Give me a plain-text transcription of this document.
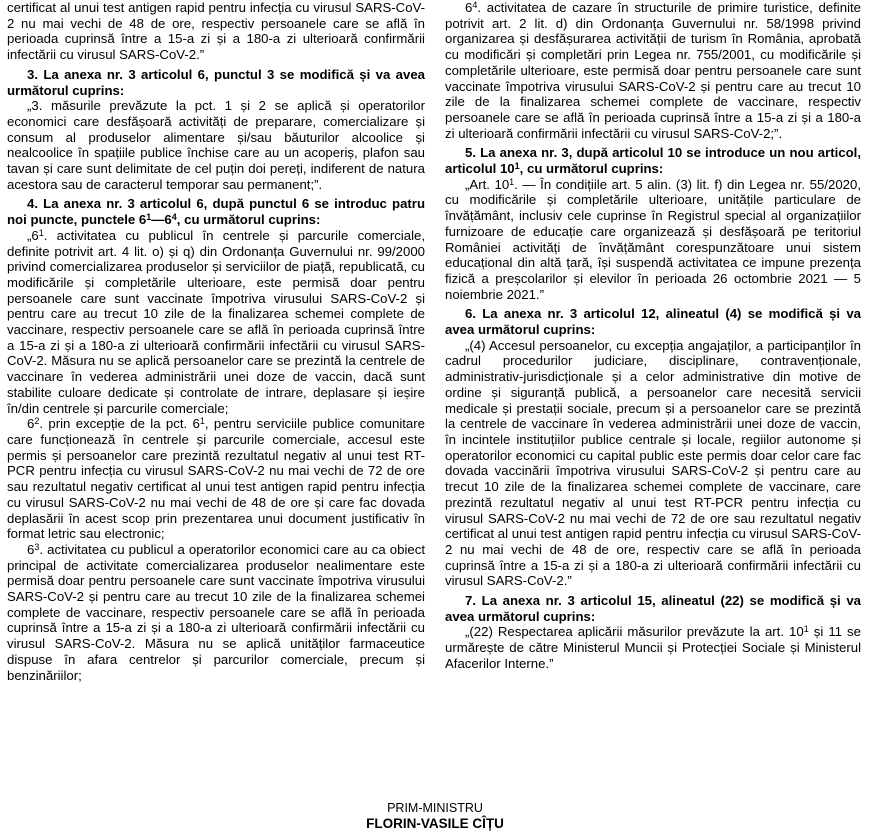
certificat al unui test antigen rapid pentru infecția cu virusul SARS-CoV-2 nu mai vechi de 48 de ore, respectiv persoanele care se află în perioada cuprinsă între a 15-a zi și a 180-a zi ulterioară confirmării infectării cu virusul SARS-CoV-2.”

3. La anexa nr. 3 articolul 6, punctul 3 se modifică și va avea următorul cuprins:

„3. măsurile prevăzute la pct. 1 și 2 se aplică și operatorilor economici care desfășoară activități de preparare, comercializare și consum al produselor alimentare și/sau băuturilor alcoolice și nealcoolice în spațiile publice închise care au un acoperiș, plafon sau tavan și care sunt delimitate de cel puțin doi pereți, indiferent de natura acestora sau de caracterul temporar sau permanent;”.

4. La anexa nr. 3 articolul 6, după punctul 6 se introduc patru noi puncte, punctele $6^1—6^4$, cu următorul cuprins:

$„6^1$. activitatea cu publicul în centrele și parcurile comerciale, definite potrivit art. 4 lit. o) și q) din Ordonanța Guvernului nr. 99/2000 privind comercializarea produselor și serviciilor de piață, republicată, cu modificările și completările ulterioare, este permisă doar pentru persoanele care sunt vaccinate împotriva virusului SARS-CoV-2 și pentru care au trecut 10 zile de la finalizarea schemei complete de vaccinare, respectiv persoanele care se află în perioada cuprinsă între a 15-a zi și a 180-a zi ulterioară confirmării infectării cu virusul SARS-CoV-2. Măsura nu se aplică persoanelor care se prezintă la centrele de vaccinare în vederea administrării unei doze de vaccin, dacă sunt stabilite culoare dedicate și controlate de intrare, deplasare și ieșire în/din centrele și parcurile comerciale;

$6^2$. prin excepție de la pct. $6^1$, pentru serviciile publice comunitare care funcționează în centrele și parcurile comerciale, accesul este permis și persoanelor care prezintă rezultatul negativ al unui test RT-PCR pentru infecția cu virusul SARS-CoV-2 nu mai vechi de 72 de ore sau rezultatul negativ certificat al unui test antigen rapid pentru infecția cu virusul SARS-CoV-2 nu mai vechi de 48 de ore și care fac dovada deplasării în acest scop prin prezentarea unui document justificativ în format letric sau electronic;

$6^3$. activitatea cu publicul a operatorilor economici care au ca obiect principal de activitate comercializarea produselor nealimentare este permisă doar pentru persoanele care sunt vaccinate împotriva virusului SARS-CoV-2 și pentru care au trecut 10 zile de la finalizarea schemei complete de vaccinare, respectiv persoanele care se află în perioada cuprinsă între a 15-a zi și a 180-a zi ulterioară confirmării infectării cu virusul SARS-CoV-2. Măsura nu se aplică unităților farmaceutice dispuse în afara centrelor și parcurilor comerciale, precum și benzinăriilor;

$6^4$. activitatea de cazare în structurile de primire turistice, definite potrivit art. 2 lit. d) din Ordonanța Guvernului nr. 58/1998 privind organizarea și desfășurarea activității de turism în România, aprobată cu modificări și completări prin Legea nr. 755/2001, cu modificările și completările ulterioare, este permisă doar pentru persoanele care sunt vaccinate împotriva virusului SARS-CoV-2 și pentru care au trecut 10 zile de la finalizarea schemei complete de vaccinare, respectiv persoanele care se află în perioada cuprinsă între a 15-a zi și a 180-a zi ulterioară confirmării infectării cu virusul SARS-CoV-2;”.

5. La anexa nr. 3, după articolul 10 se introduce un nou articol, articolul $10^1$, cu următorul cuprins:

„Art. $10^1$. — În condițiile art. 5 alin. (3) lit. f) din Legea nr. 55/2020, cu modificările și completările ulterioare, unitățile particulare de învățământ, inclusiv cele cuprinse în Registrul special al organizațiilor furnizoare de educație care organizează și desfășoară pe teritoriul României activități de învățământ corespunzătoare unui sistem educațional din altă țară, își suspendă activitatea ce impune prezența fizică a preșcolarilor și elevilor în perioada 26 octombrie 2021 — 5 noiembrie 2021.”

6. La anexa nr. 3 articolul 12, alineatul (4) se modifică și va avea următorul cuprins:

„(4) Accesul persoanelor, cu excepția angajaților, a participanților în cadrul procedurilor judiciare, disciplinare, contravenționale, administrativ-jurisdicționale și a celor administrative din motive de ordine și siguranță publică, a persoanelor care necesită servicii medicale și prestații sociale, precum și a persoanelor care se prezintă la centrele de vaccinare în vederea administrării unei doze de vaccin, în incintele instituțiilor publice centrale și locale, regiilor autonome și operatorilor economici cu capital public este permis doar celor care fac dovada vaccinării împotriva virusului SARS-CoV-2 și pentru care au trecut 10 zile de la finalizarea schemei complete de vaccinare, care prezintă rezultatul negativ al unui test RT-PCR pentru infecția cu virusul SARS-CoV-2 nu mai vechi de 72 de ore sau rezultatul negativ certificat al unui test antigen rapid pentru infecția cu virusul SARS-CoV-2 nu mai vechi de 48 de ore, respectiv care se află în perioada cuprinsă între a 15-a zi și a 180-a zi ulterioară confirmării infectării cu virusul SARS-CoV-2.”

7. La anexa nr. 3 articolul 15, alineatul (22) se modifică și va avea următorul cuprins:

„(22) Respectarea aplicării măsurilor prevăzute la art. $10^1$ și 11 se urmărește de către Ministerul Muncii și Protecției Sociale și Ministerul Afacerilor Interne.”

PRIM-MINISTRU
FLORIN-VASILE CÎȚU
